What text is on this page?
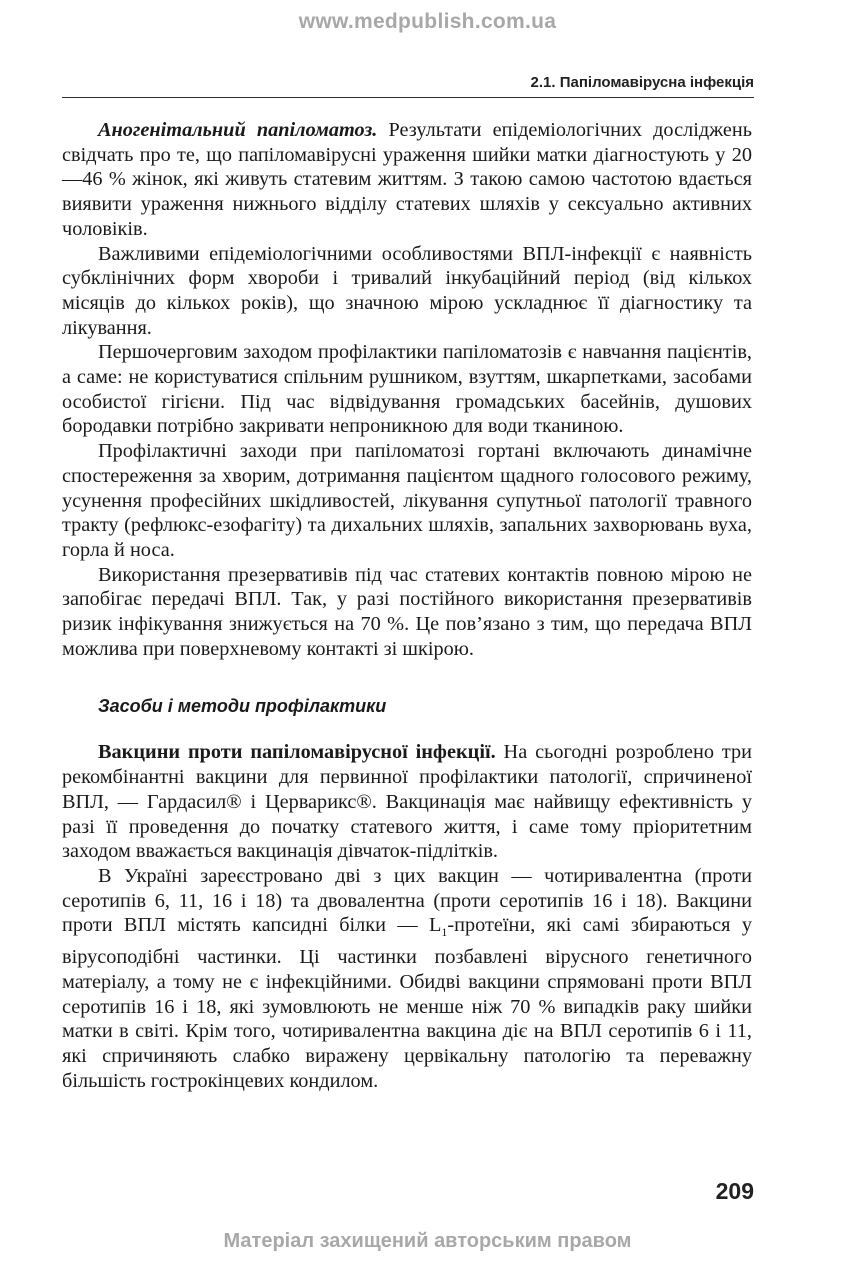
www.medpublish.com.ua
2.1. Папіломавірусна інфекція

Аногенітальний папіломатоз. Результати епідеміологічних досліджень свідчать про те, що папіломавірусні ураження шийки матки діагностують у 20—46 % жінок, які живуть статевим життям. З такою самою частотою вдається виявити ураження нижнього відділу статевих шляхів у сексуально активних чоловіків.

Важливими епідеміологічними особливостями ВПЛ-інфекції є наявність субклінічних форм хвороби і тривалий інкубаційний період (від кількох місяців до кількох років), що значною мірою ускладнює її діагностику та лікування.

Першочерговим заходом профілактики папіломатозів є навчання пацієнтів, а саме: не користуватися спільним рушником, взуттям, шкарпетками, засобами особистої гігієни. Під час відвідування громадських басейнів, душових бородавки потрібно закривати непроникною для води тканиною.

Профілактичні заходи при папіломатозі гортані включають динамічне спостереження за хворим, дотримання пацієнтом щадного голосового режиму, усунення професійних шкідливостей, лікування супутньої патології травного тракту (рефлюкс-езофагіту) та дихальних шляхів, запальних захворювань вуха, горла й носа.

Використання презервативів під час статевих контактів повною мірою не запобігає передачі ВПЛ. Так, у разі постійного використання презервативів ризик інфікування знижується на 70 %. Це пов’язано з тим, що передача ВПЛ можлива при поверхневому контакті зі шкірою.

Засоби і методи профілактики

Вакцини проти папіломавірусної інфекції. На сьогодні розроблено три рекомбінантні вакцини для первинної профілактики патології, спричиненої ВПЛ, — Гардасил® і Церварикс®. Вакцинація має найвищу ефективність у разі її проведення до початку статевого життя, і саме тому пріоритетним заходом вважається вакцинація дівчаток-підлітків.

В Україні зареєстровано дві з цих вакцин — чотиривалентна (проти серотипів 6, 11, 16 і 18) та двовалентна (проти серотипів 16 і 18). Вакцини проти ВПЛ містять капсидні білки — $L_1$-протеїни, які самі збираються у вірусоподібні частинки. Ці частинки позбавлені вірусного генетичного матеріалу, а тому не є інфекційними. Обидві вакцини спрямовані проти ВПЛ серотипів 16 і 18, які зумовлюють не менше ніж 70 % випадків раку шийки матки в світі. Крім того, чотиривалентна вакцина діє на ВПЛ серотипів 6 і 11, які спричиняють слабко виражену цервікальну патологію та переважну більшість гострокінцевих кондилом.

209
Матеріал захищений авторським правом
